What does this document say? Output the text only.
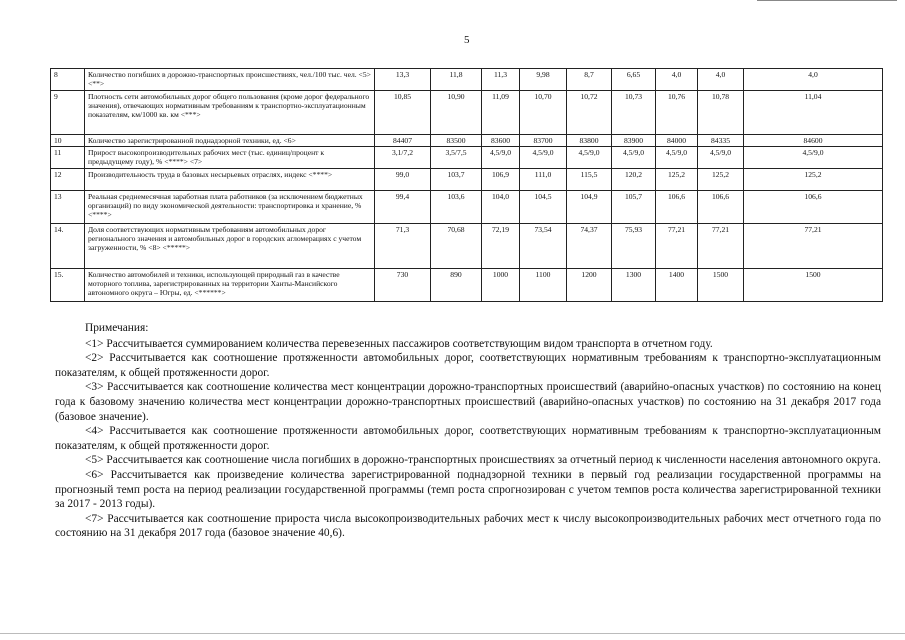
5
8	Количество погибших в дорожно-транспортных происшествиях, чел./100 тыс. чел. <5> <**>	13,3	11,8	11,3	9,98	8,7	6,65	4,0	4,0	4,0
9	Плотность сети автомобильных дорог общего пользования (кроме дорог федерального значения), отвечающих нормативным требованиям к транспортно-эксплуатационным показателям, км/1000 кв. км <***>	10,85	10,90	11,09	10,70	10,72	10,73	10,76	10,78	11,04
10	Количество зарегистрированной поднадзорной техники, ед. <6>	84407	83500	83600	83700	83800	83900	84000	84335	84600
11	Прирост высокопроизводительных рабочих мест (тыс. единиц/процент к предыдущему году), % <****> <7>	3,1/7,2	3,5/7,5	4,5/9,0	4,5/9,0	4,5/9,0	4,5/9,0	4,5/9,0	4,5/9,0	4,5/9,0
12	Производительность труда в базовых несырьевых отраслях, индекс <****>	99,0	103,7	106,9	111,0	115,5	120,2	125,2	125,2	125,2
13	Реальная среднемесячная заработная плата работников (за исключением бюджетных организаций) по виду экономической деятельности: транспортировка и хранение, % <****>	99,4	103,6	104,0	104,5	104,9	105,7	106,6	106,6	106,6
14.	Доля соответствующих нормативным требованиям автомобильных дорог регионального значения и автомобильных дорог в городских агломерациях с учетом загруженности, % <8> <*****>	71,3	70,68	72,19	73,54	74,37	75,93	77,21	77,21	77,21
15.	Количество автомобилей и техники, использующей природный газ в качестве моторного топлива, зарегистрированных на территории Ханты-Мансийского автономного округа – Югры, ед. <******>	730	890	1000	1100	1200	1300	1400	1500	1500
Примечания:

<1> Рассчитывается суммированием количества перевезенных пассажиров соответствующим видом транспорта в отчетном году.

<2> Рассчитывается как соотношение протяженности автомобильных дорог, соответствующих нормативным требованиям к транспортно-эксплуатационным показателям, к общей протяженности дорог.

<3> Рассчитывается как соотношение количества мест концентрации дорожно-транспортных происшествий (аварийно-опасных участков) по состоянию на конец года к базовому значению количества мест концентрации дорожно-транспортных происшествий (аварийно-опасных участков) по состоянию на 31 декабря 2017 года (базовое значение).

<4> Рассчитывается как соотношение протяженности автомобильных дорог, соответствующих нормативным требованиям к транспортно-эксплуатационным показателям, к общей протяженности дорог.

<5> Рассчитывается как соотношение числа погибших в дорожно-транспортных происшествиях за отчетный период к численности населения автономного округа.

<6> Рассчитывается как произведение количества зарегистрированной поднадзорной техники в первый год реализации государственной программы на прогнозный темп роста на период реализации государственной программы (темп роста спрогнозирован с учетом темпов роста количества зарегистрированной техники за 2017 - 2013 годы).

<7> Рассчитывается как соотношение прироста числа высокопроизводительных рабочих мест к числу высокопроизводительных рабочих мест отчетного года по состоянию на 31 декабря 2017 года (базовое значение 40,6).
